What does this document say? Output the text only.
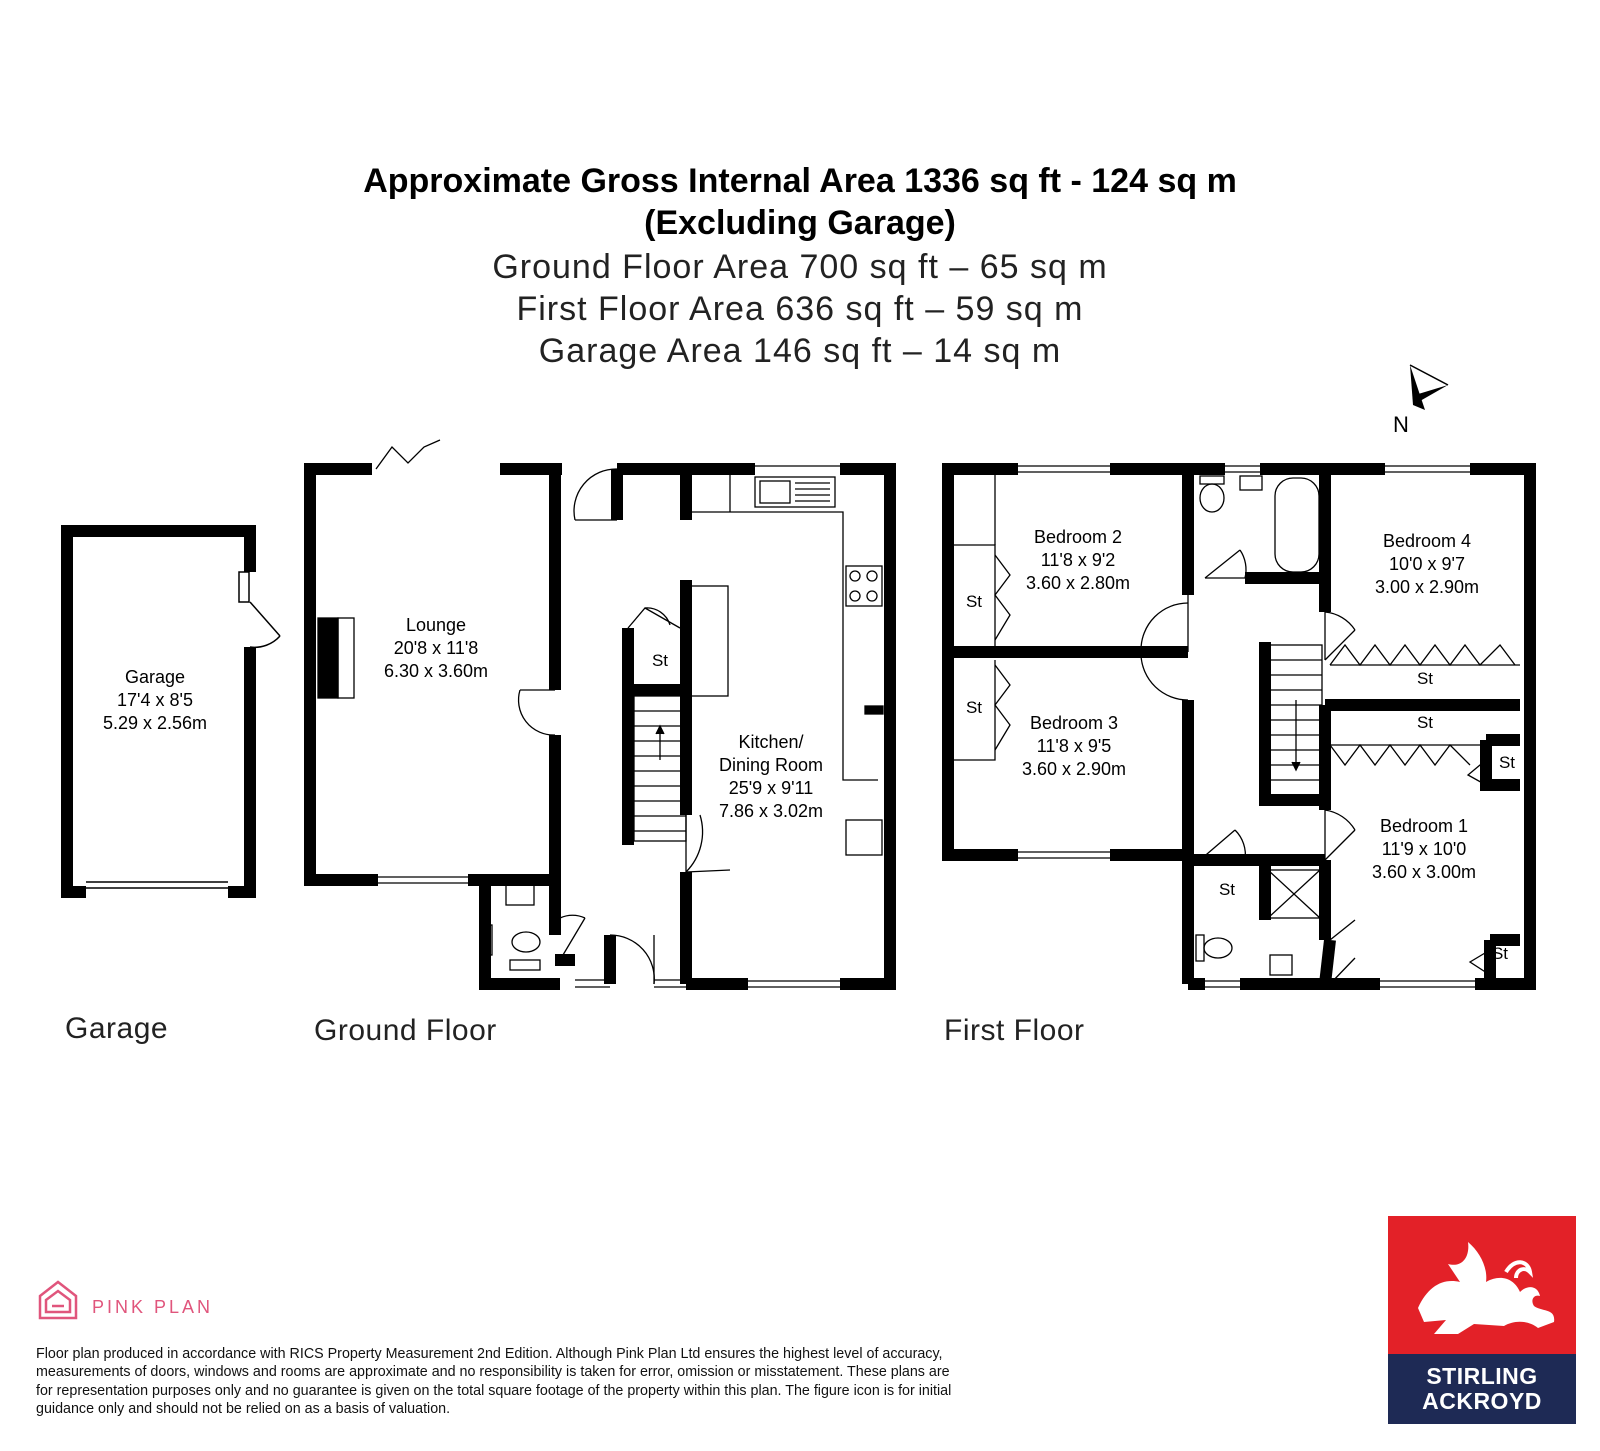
Approximate Gross Internal Area 1336 sq ft - 124 sq m
(Excluding Garage)
Ground Floor Area 700 sq ft – 65 sq m
First Floor Area 636 sq ft – 59 sq m
Garage Area 146 sq ft – 14 sq m
N
Garage	Ground Floor	First Floor
Garage
17'4 x 8'5
5.29 x 2.56m
Lounge
20'8 x 11'8
6.30 x 3.60m
Kitchen/
Dining Room
25'9 x 9'11
7.86 x 3.02m
Bedroom 2
11'8 x 9'2
3.60 x 2.80m
Bedroom 3
11'8 x 9'5
3.60 x 2.90m
Bedroom 4
10'0 x 9'7
3.00 x 2.90m
Bedroom 1
11'9 x 10'0
3.60 x 3.00m
St
St
St
St
St
St
St
St
PINK PLAN
Floor plan produced in accordance with RICS Property Measurement 2nd Edition. Although Pink Plan Ltd ensures the highest level of accuracy, measurements of doors, windows and rooms are approximate and no responsibility is taken for error, omission or misstatement. These plans are for representation purposes only and no guarantee is given on the total square footage of the property within this plan. The figure icon is for initial guidance only and should not be relied on as a basis of valuation.
STIRLING
ACKROYD
